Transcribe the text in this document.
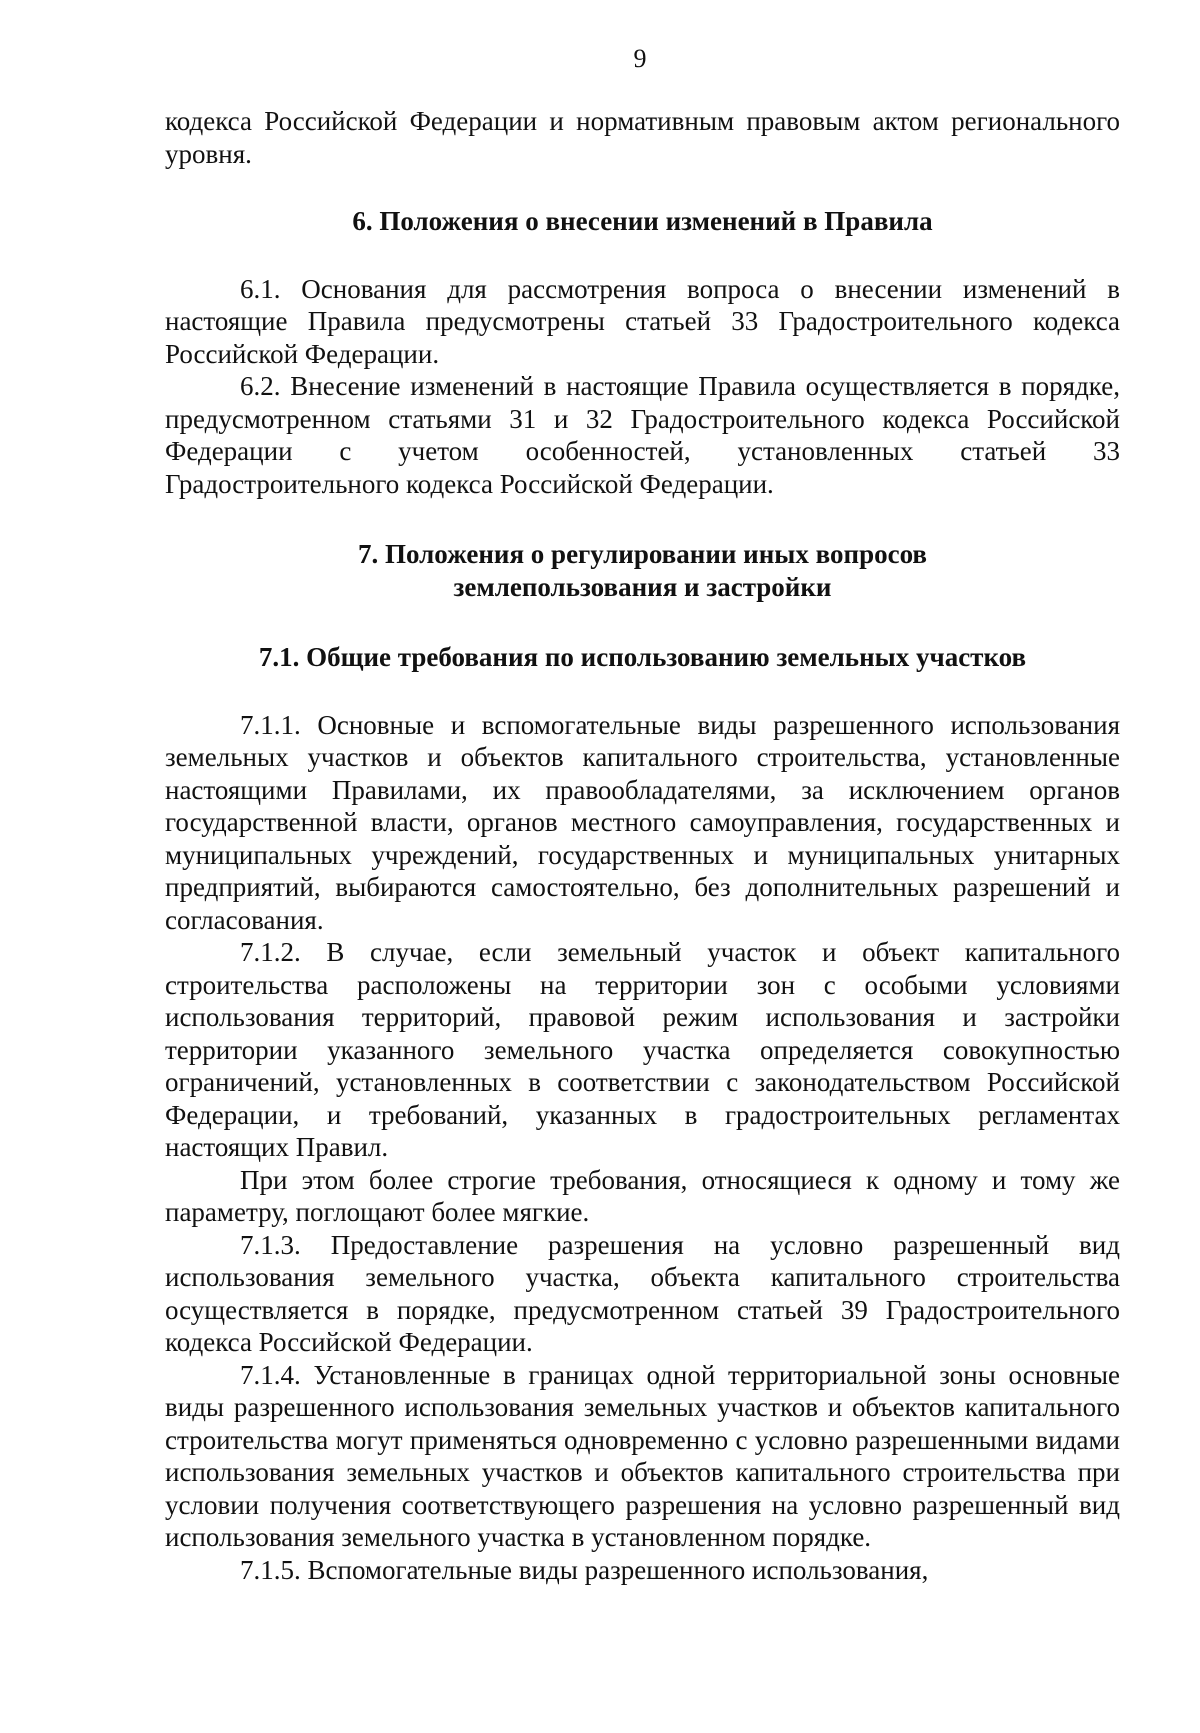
9

кодекса Российской Федерации и нормативным правовым актом регионального уровня.

6. Положения о внесении изменений в Правила

6.1. Основания для рассмотрения вопроса о внесении изменений в настоящие Правила предусмотрены статьей 33 Градостроительного кодекса Российской Федерации.

6.2. Внесение изменений в настоящие Правила осуществляется в порядке, предусмотренном статьями 31 и 32 Градостроительного кодекса Российской Федерации с учетом особенностей, установленных статьей 33 Градостроительного кодекса Российской Федерации.

7. Положения о регулировании иных вопросов

землепользования и застройки

7.1. Общие требования по использованию земельных участков

7.1.1. Основные и вспомогательные виды разрешенного использования земельных участков и объектов капитального строительства, установленные настоящими Правилами, их правообладателями, за исключением органов государственной власти, органов местного самоуправления, государственных и муниципальных учреждений, государственных и муниципальных унитарных предприятий, выбираются самостоятельно, без дополнительных разрешений и согласования.

7.1.2. В случае, если земельный участок и объект капитального строительства расположены на территории зон с особыми условиями использования территорий, правовой режим использования и застройки территории указанного земельного участка определяется совокупностью ограничений, установленных в соответствии с законодательством Российской Федерации, и требований, указанных в градостроительных регламентах настоящих Правил.

При этом более строгие требования, относящиеся к одному и тому же параметру, поглощают более мягкие.

7.1.3. Предоставление разрешения на условно разрешенный вид использования земельного участка, объекта капитального строительства осуществляется в порядке, предусмотренном статьей 39 Градостроительного кодекса Российской Федерации.

7.1.4. Установленные в границах одной территориальной зоны основные виды разрешенного использования земельных участков и объектов капитального строительства могут применяться одновременно с условно разрешенными видами использования земельных участков и объектов капитального строительства при условии получения соответствующего разрешения на условно разрешенный вид использования земельного участка в установленном порядке.

7.1.5. Вспомогательные виды разрешенного использования,
